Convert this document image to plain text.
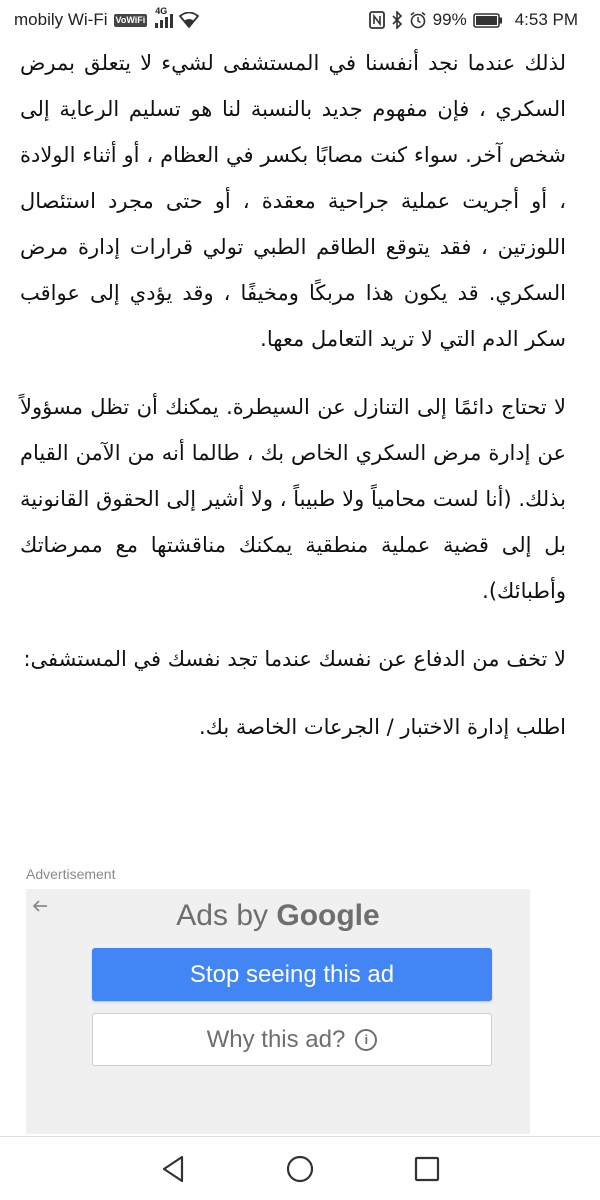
mobily Wi-Fi VoWiFi
4G	99%	4:53 PM

لذلك عندما نجد أنفسنا في المستشفى لشيء لا يتعلق بمرض السكري ، فإن مفهوم جديد بالنسبة لنا هو تسليم الرعاية إلى شخص آخر. سواء كنت مصابًا بكسر في العظام ، أو أثناء الولادة ، أو أجريت عملية جراحية معقدة ، أو حتى مجرد استئصال اللوزتين ، فقد يتوقع الطاقم الطبي تولي قرارات إدارة مرض السكري. قد يكون هذا مربكًا ومخيفًا ، وقد يؤدي إلى عواقب سكر الدم التي لا تريد التعامل معها.

لا تحتاج دائمًا إلى التنازل عن السيطرة. يمكنك أن تظل مسؤولاً عن إدارة مرض السكري الخاص بك ، طالما أنه من الآمن القيام بذلك. (أنا لست محامياً ولا طبيباً ، ولا أشير إلى الحقوق القانونية بل إلى قضية عملية منطقية يمكنك مناقشتها مع ممرضاتك وأطبائك).

لا تخف من الدفاع عن نفسك عندما تجد نفسك في المستشفى:

اطلب إدارة الاختبار / الجرعات الخاصة بك.

Advertisement
Ads by Google
Stop seeing this ad
Why this ad?	i
